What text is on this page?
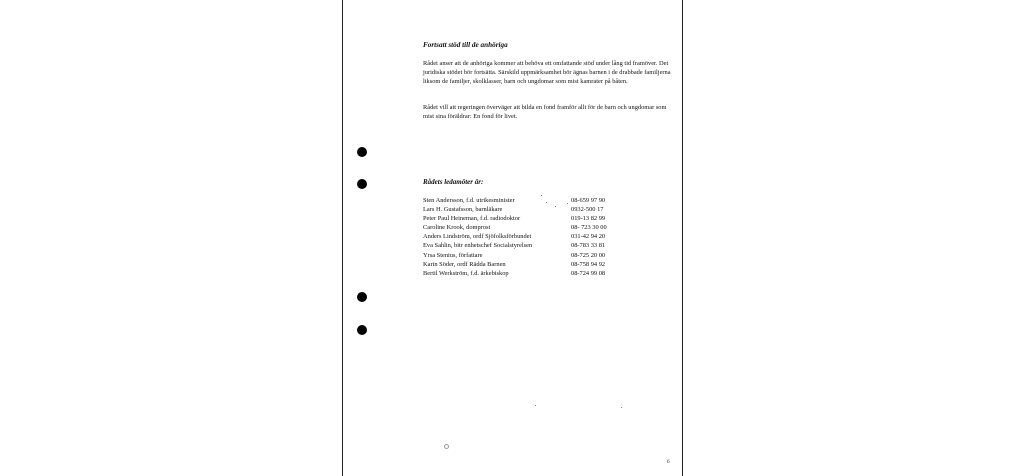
Fortsatt stöd till de anhöriga

Rådet anser att de anhöriga kommer att behöva ett omfattande stöd under lång tid framöver. Det juridiska stödet bör fortsätta. Särskild uppmärksamhet bör ägnas barnen i de drabbade familjerna liksom de familjer, skolklasser, barn och ungdomar som mist kamrater på båten.

Rådet vill att regeringen överväger att bilda en fond framför allt för de barn och ungdomar som mist sina föräldrar: En fond för livet.

Rådets ledamöter är:
Sten Andersson, f.d. utrikesminister	08-659 97 90
Lars H. Gustafsson, barnläkare	0932-500 17
Peter Paul Heineman, f.d. radiodoktor	019-13 82 99
Caroline Krook, domprost	08- 723 30 00
Anders Lindström, ordf Sjöfolksförbundet	031-42 94 20
Eva Sahlin, bitr enhetschef Socialstyrelsen	08-783 33 81
Yrsa Stenius, författare	08-725 20 00
Karin Söder, ordf Rädda Barnen	08-758 94 92
Bertil Werkström, f.d. ärkebiskop	08-724 99 08
6
